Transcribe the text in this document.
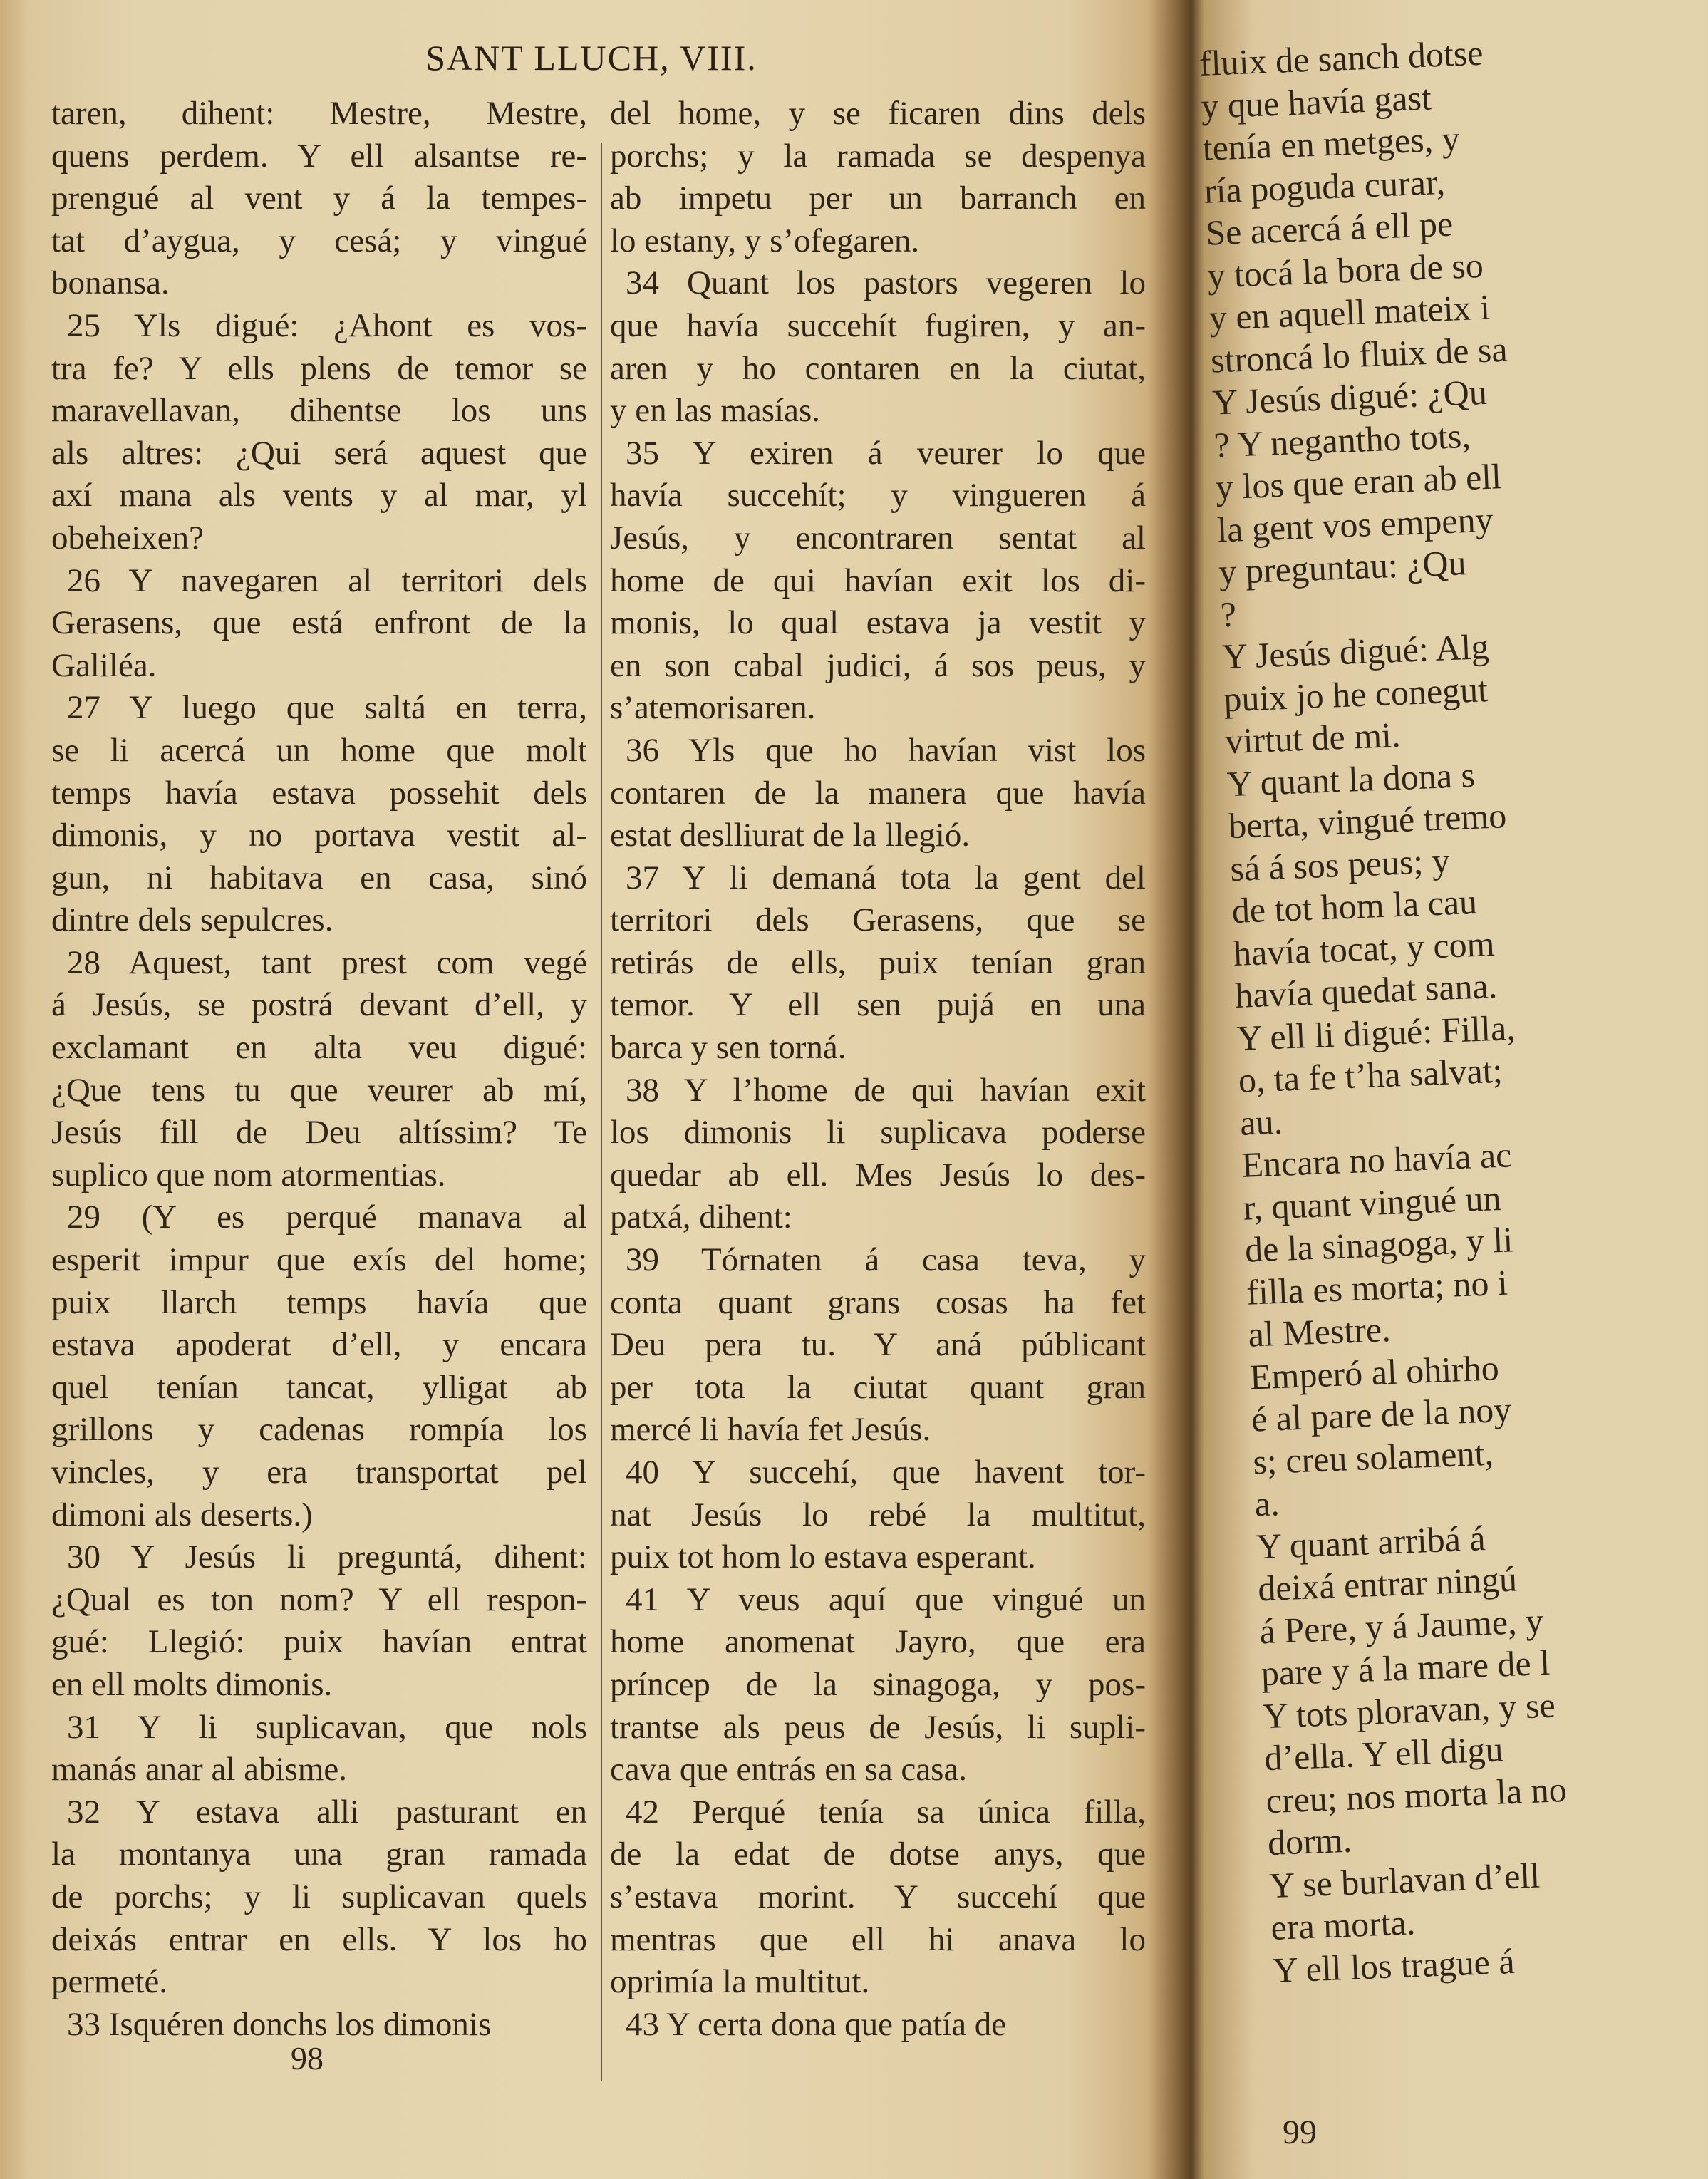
SANT LLUCH, VIII.
taren, dihent: Mestre, Mestre,
quens perdem. Y ell alsantse re-
prengué al vent y á la tempes-
tat d’aygua, y cesá; y vingué
bonansa.
25 Yls digué: ¿Ahont es vos-
tra fe? Y ells plens de temor se
maravellavan, dihentse los uns
als altres: ¿Qui será aquest que
axí mana als vents y al mar, yl
obeheixen?
26 Y navegaren al territori dels
Gerasens, que está enfront de la
Galiléa.
27 Y luego que saltá en terra,
se li acercá un home que molt
temps havía estava possehit dels
dimonis, y no portava vestit al-
gun, ni habitava en casa, sinó
dintre dels sepulcres.
28 Aquest, tant prest com vegé
á Jesús, se postrá devant d’ell, y
exclamant en alta veu digué:
¿Que tens tu que veurer ab mí,
Jesús fill de Deu altíssim? Te
suplico que nom atormentias.
29 (Y es perqué manava al
esperit impur que exís del home;
puix llarch temps havía que
estava apoderat d’ell, y encara
quel tenían tancat, ylligat ab
grillons y cadenas rompía los
vincles, y era transportat pel
dimoni als deserts.)
30 Y Jesús li preguntá, dihent:
¿Qual es ton nom? Y ell respon-
gué: Llegió: puix havían entrat
en ell molts dimonis.
31 Y li suplicavan, que nols
manás anar al abisme.
32 Y estava alli pasturant en
la montanya una gran ramada
de porchs; y li suplicavan quels
deixás entrar en ells. Y los ho
permeté.
33 Isquéren donchs los dimonis
del home, y se ficaren dins dels
porchs; y la ramada se despenya
ab impetu per un barranch en
lo estany, y s’ofegaren.
34 Quant los pastors vegeren lo
que havía succehít fugiren, y an-
aren y ho contaren en la ciutat,
y en las masías.
35 Y exiren á veurer lo que
havía succehít; y vingueren á
Jesús, y encontraren sentat al
home de qui havían exit los di-
monis, lo qual estava ja vestit y
en son cabal judici, á sos peus, y
s’atemorisaren.
36 Yls que ho havían vist los
contaren de la manera que havía
estat deslliurat de la llegió.
37 Y li demaná tota la gent del
territori dels Gerasens, que se
retirás de ells, puix tenían gran
temor. Y ell sen pujá en una
barca y sen torná.
38 Y l’home de qui havían exit
los dimonis li suplicava poderse
quedar ab ell. Mes Jesús lo des-
patxá, dihent:
39 Tórnaten á casa teva, y
conta quant grans cosas ha fet
Deu pera tu. Y aná públicant
per tota la ciutat quant gran
mercé li havía fet Jesús.
40 Y succehí, que havent tor-
nat Jesús lo rebé la multitut,
puix tot hom lo estava esperant.
41 Y veus aquí que vingué un
home anomenat Jayro, que era
príncep de la sinagoga, y pos-
trantse als peus de Jesús, li supli-
cava que entrás en sa casa.
42 Perqué tenía sa única filla,
de la edat de dotse anys, que
s’estava morint. Y succehí que
mentras que ell hi anava lo
oprimía la multitut.
43 Y certa dona que patía de
98
fluix de sanch dotse
y que havía gast
tenía en metges, y
ría poguda curar,
Se acercá á ell pe
y tocá la bora de so
y en aquell mateix i
stroncá lo fluix de sa
Y Jesús digué: ¿Qu
? Y negantho tots,
y los que eran ab ell
la gent vos empeny
y preguntau: ¿Qu
?
Y Jesús digué: Alg
puix jo he conegut
virtut de mi.
Y quant la dona s
berta, vingué tremo
sá á sos peus; y
de tot hom la cau
havía tocat, y com
havía quedat sana.
Y ell li digué: Filla,
o, ta fe t’ha salvat;
au.
Encara no havía ac
r, quant vingué un
de la sinagoga, y li
filla es morta; no i
al Mestre.
Emperó al ohirho
é al pare de la noy
s; creu solament,
a.
Y quant arribá á
deixá entrar ningú
á Pere, y á Jaume, y
pare y á la mare de l
Y tots ploravan, y se
d’ella. Y ell digu
creu; nos morta la no
dorm.
Y se burlavan d’ell
era morta.
Y ell los trague á
99
